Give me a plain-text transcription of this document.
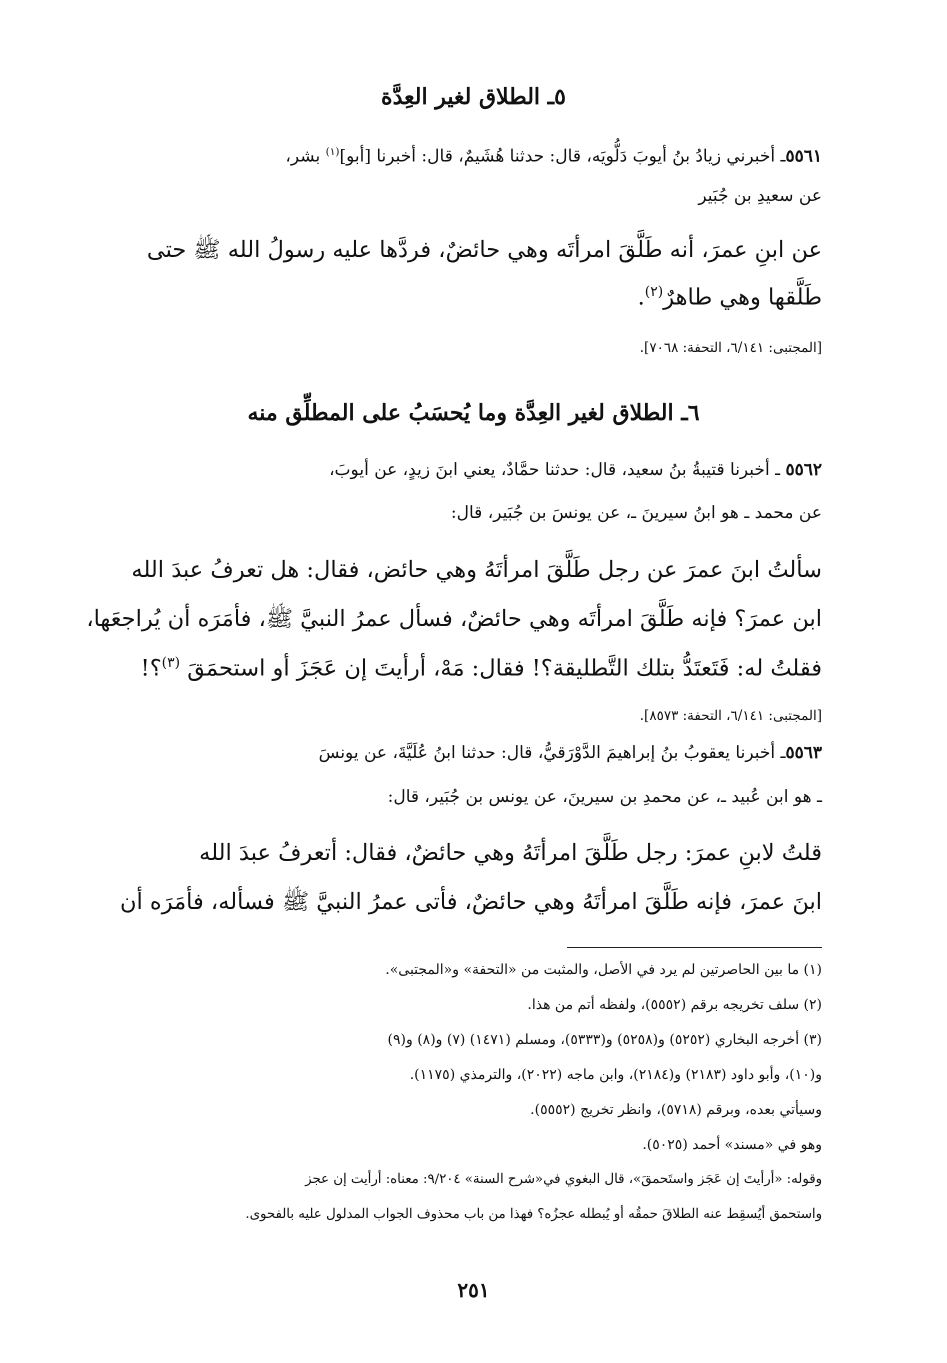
٥ـ الطلاق لغير العِدَّة
٥٥٦١ـ أخبرني زيادُ بنُ أيوبَ دَلُّويَه، قال: حدثنا هُشَيمٌ، قال: أخبرنا [أبو]$^{(١)}$ بشر،
عن سعيدِ بن جُبَير
عن ابنِ عمرَ، أنه طَلَّقَ امرأتَه وهي حائضٌ، فردَّها عليه رسولُ الله ﷺ حتى
طَلَّقها وهي طاهرٌ$^{(٢)}$.
[المجتبى: ٦/١٤١، التحفة: ٧٠٦٨].
٦ـ الطلاق لغير العِدَّة وما يُحسَبُ على المطلِّق منه
٥٥٦٢ ـ أخبرنا قتيبةُ بنُ سعيد، قال: حدثنا حمَّادٌ، يعني ابنَ زيدٍ، عن أيوبَ،
عن محمد ـ هو ابنُ سيرينَ ـ، عن يونسَ بن جُبَير، قال:
سألتُ ابنَ عمرَ عن رجل طَلَّقَ امرأتَهُ وهي حائض، فقال: هل تعرفُ عبدَ الله
ابن عمرَ؟ فإنه طَلَّقَ امرأتَه وهي حائضٌ، فسأل عمرُ النبيَّ ﷺ، فأمَرَه أن يُراجعَها،
فقلتُ له: فَتَعتَدُّ بتلك التَّطليقة؟! فقال: مَهْ، أرأيتَ إن عَجَزَ أو استحمَقَ $^{(٣)}$؟!
[المجتبى: ٦/١٤١، التحفة: ٨٥٧٣].
٥٥٦٣ـ أخبرنا يعقوبُ بنُ إبراهيمَ الدَّوْرَقيُّ، قال: حدثنا ابنُ عُلَيَّةَ، عن يونسَ
ـ هو ابن عُبيد ـ، عن محمدِ بن سيرينَ، عن يونس بن جُبَير، قال:
قلتُ لابنِ عمرَ: رجل طَلَّقَ امرأتَهُ وهي حائضٌ، فقال: أتعرفُ عبدَ الله
ابنَ عمرَ، فإنه طَلَّقَ امرأتَهُ وهي حائضٌ، فأتى عمرُ النبيَّ ﷺ فسأله، فأمَرَه أن
(١) ما بين الحاصرتين لم يرد في الأصل، والمثبت من «التحفة» و«المجتبى».
(٢) سلف تخريجه برقم (٥٥٥٢)، ولفظه أتم من هذا.
(٣) أخرجه البخاري (٥٢٥٢) و(٥٢٥٨) و(٥٣٣٣)، ومسلم (١٤٧١) (٧) و(٨) و(٩)
و(١٠)، وأبو داود (٢١٨٣) و(٢١٨٤)، وابن ماجه (٢٠٢٢)، والترمذي (١١٧٥).
وسيأتي بعده، وبرقم (٥٧١٨)، وانظر تخريج (٥٥٥٢).
وهو في «مسند» أحمد (٥٠٢٥).
وقوله: «أرأيتَ إن عَجَز واستَحمقَ»، قال البغوي في«شرح السنة» ٩/٢٠٤: معناه: أرأيت إن عجز
واستحمق أيُسقِط عنه الطلاقَ حمقُه أو يُبطله عجزُه؟ فهذا من باب محذوف الجواب المدلول عليه بالفحوى.
٢٥١
